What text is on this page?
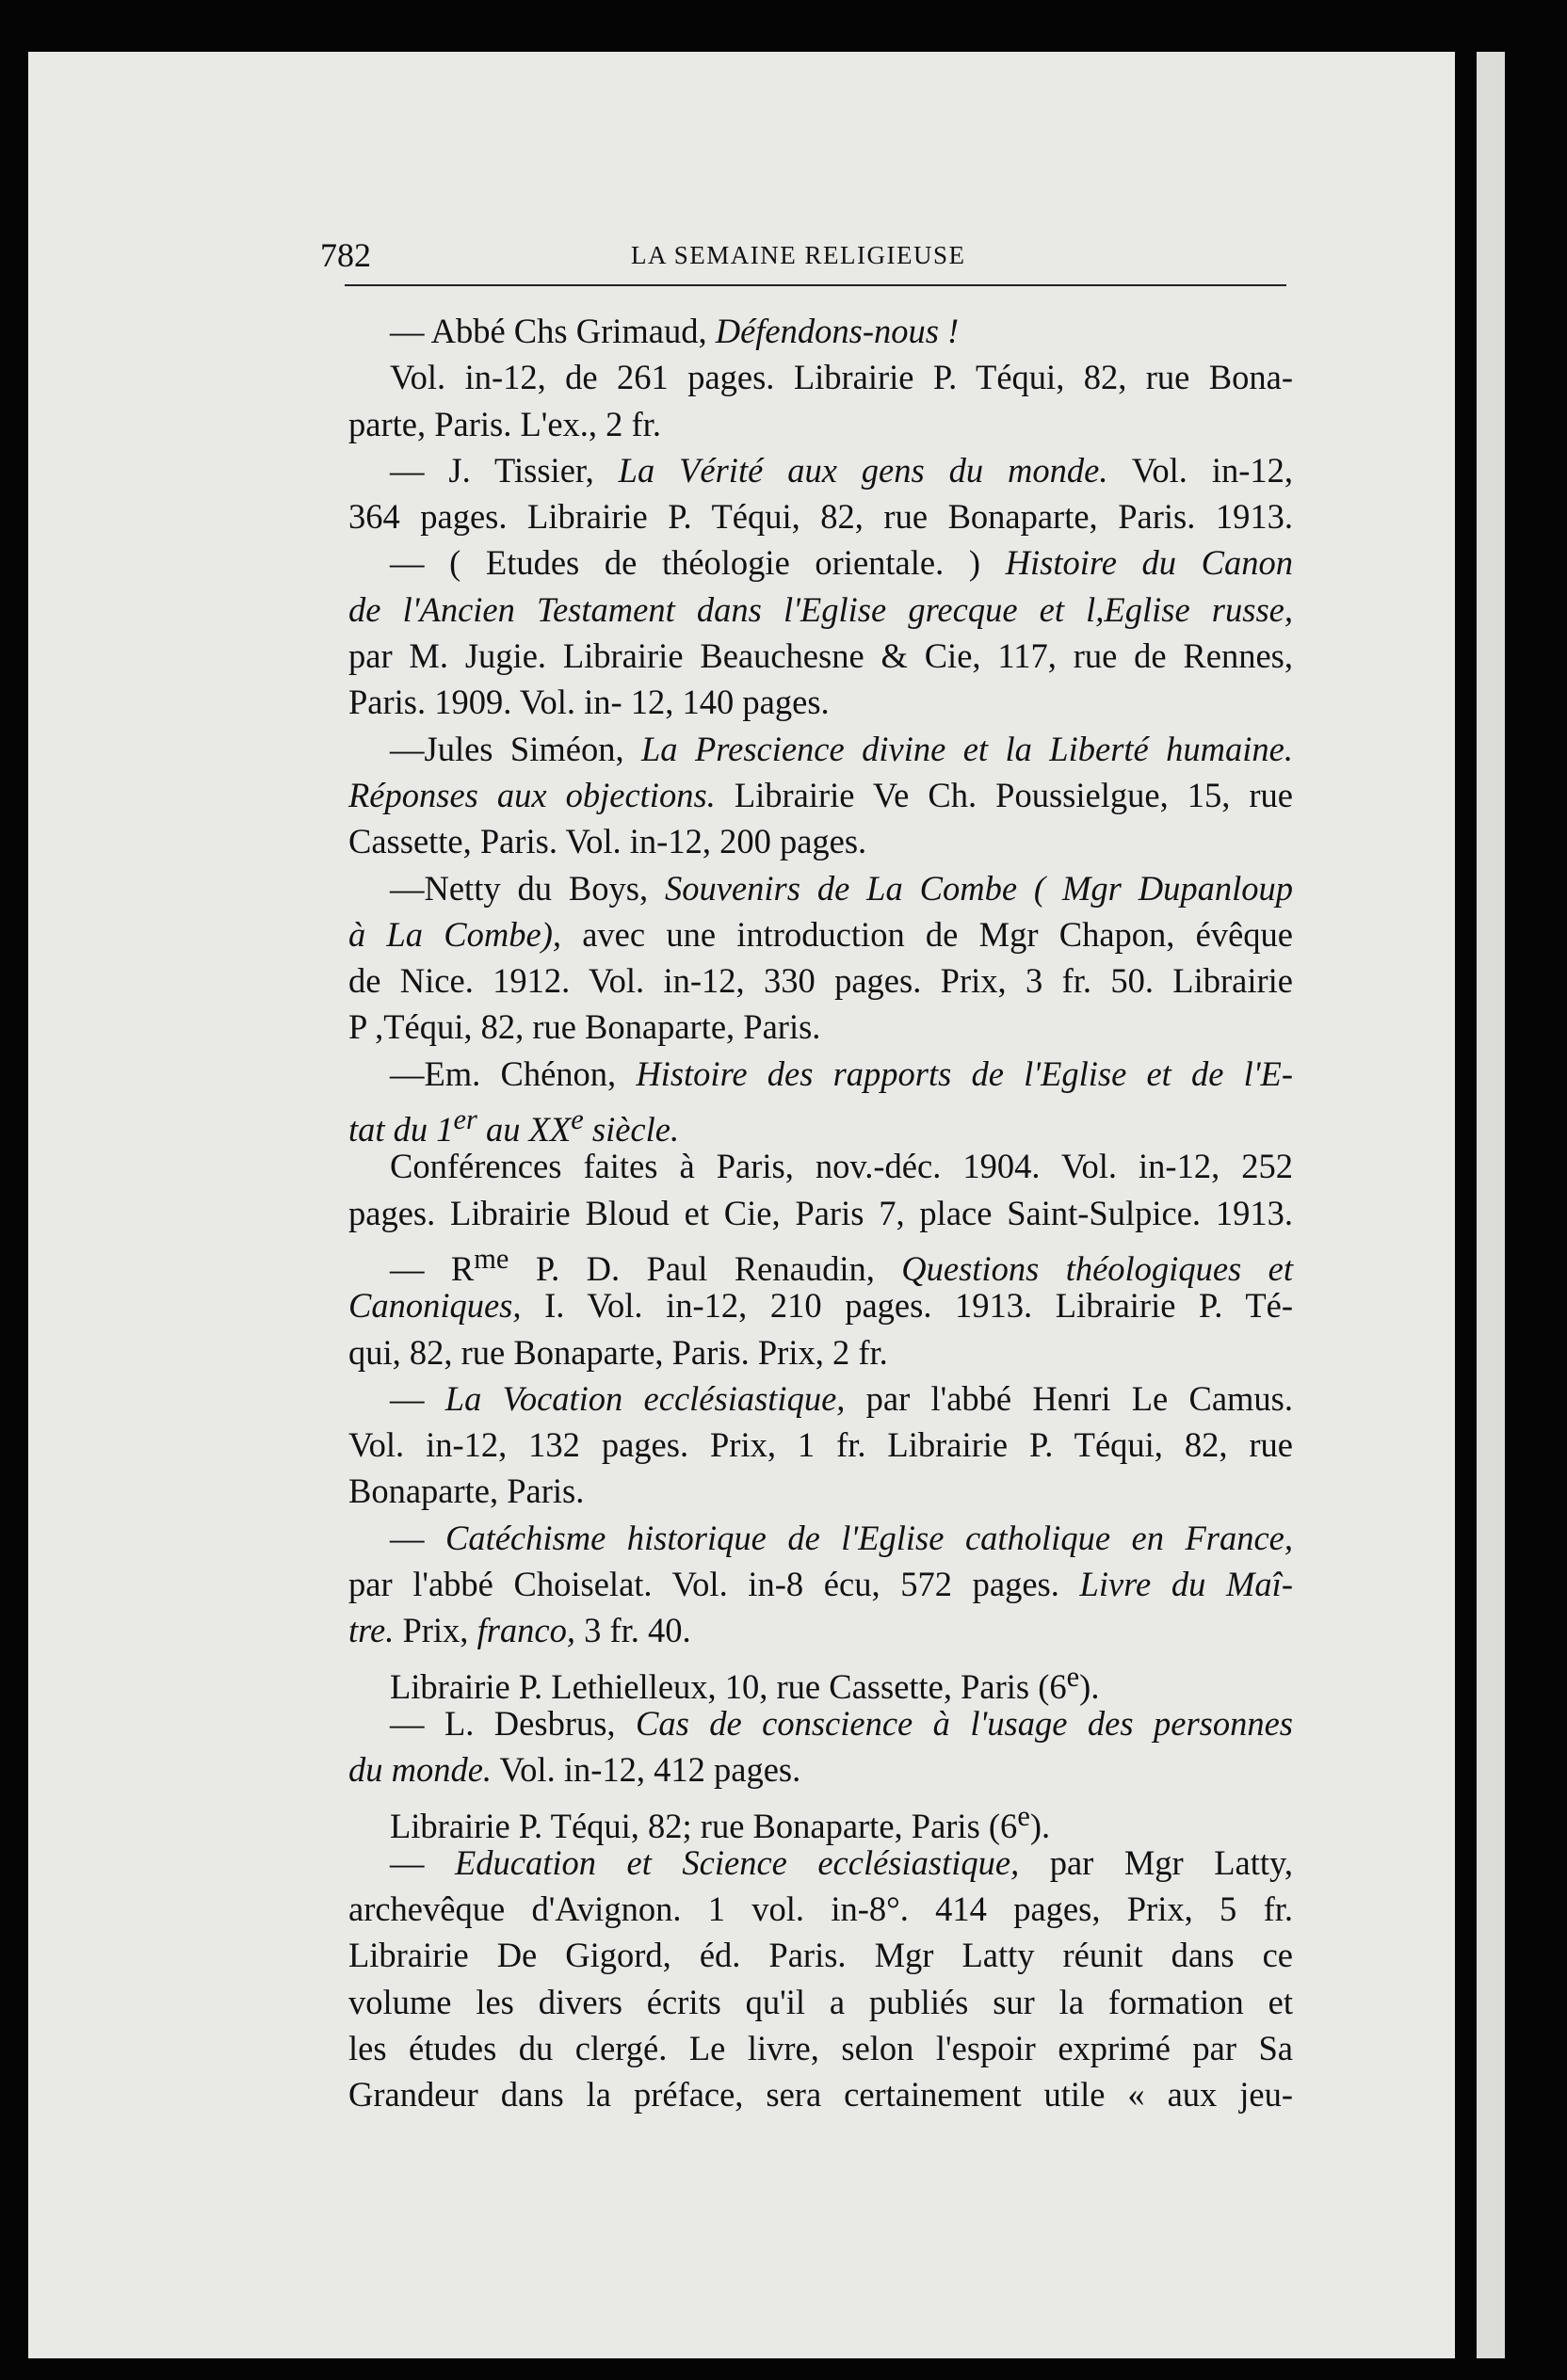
782	LA SEMAINE RELIGIEUSE
— Abbé Chs Grimaud, Défendons-nous !
Vol. in-12, de 261 pages. Librairie P. Téqui, 82, rue Bona-
parte, Paris. L'ex., 2 fr.
— J. Tissier, La Vérité aux gens du monde. Vol. in-12,
364 pages. Librairie P. Téqui, 82, rue Bonaparte, Paris. 1913.
— ( Etudes de théologie orientale. ) Histoire du Canon
de l'Ancien Testament dans l'Eglise grecque et l,Eglise russe,
par M. Jugie. Librairie Beauchesne & Cie, 117, rue de Rennes,
Paris. 1909. Vol. in- 12, 140 pages.
—Jules Siméon, La Prescience divine et la Liberté humaine.
Réponses aux objections. Librairie Ve Ch. Poussielgue, 15, rue
Cassette, Paris. Vol. in-12, 200 pages.
—Netty du Boys, Souvenirs de La Combe ( Mgr Dupanloup
à La Combe), avec une introduction de Mgr Chapon, évêque
de Nice. 1912. Vol. in-12, 330 pages. Prix, 3 fr. 50. Librairie
P ,Téqui, 82, rue Bonaparte, Paris.
—Em. Chénon, Histoire des rapports de l'Eglise et de l'E-
tat du 1er au XXe siècle.
Conférences faites à Paris, nov.-déc. 1904. Vol. in-12, 252
pages. Librairie Bloud et Cie, Paris 7, place Saint-Sulpice. 1913.
— $R^{me}$ P. D. Paul Renaudin, Questions théologiques et
Canoniques, I. Vol. in-12, 210 pages. 1913. Librairie P. Té-
qui, 82, rue Bonaparte, Paris. Prix, 2 fr.
— La Vocation ecclésiastique, par l'abbé Henri Le Camus.
Vol. in-12, 132 pages. Prix, 1 fr. Librairie P. Téqui, 82, rue
Bonaparte, Paris.
— Catéchisme historique de l'Eglise catholique en France,
par l'abbé Choiselat. Vol. in-8 écu, 572 pages. Livre du Maî-
tre. Prix, franco, 3 fr. 40.
Librairie P. Lethielleux, 10, rue Cassette, Paris (6e).
— L. Desbrus, Cas de conscience à l'usage des personnes
du monde. Vol. in-12, 412 pages.
Librairie P. Téqui, 82; rue Bonaparte, Paris (6e).
— Education et Science ecclésiastique, par Mgr Latty,
archevêque d'Avignon. 1 vol. in-8°. 414 pages, Prix, 5 fr.
Librairie De Gigord, éd. Paris. Mgr Latty réunit dans ce
volume les divers écrits qu'il a publiés sur la formation et
les études du clergé. Le livre, selon l'espoir exprimé par Sa
Grandeur dans la préface, sera certainement utile « aux jeu-
